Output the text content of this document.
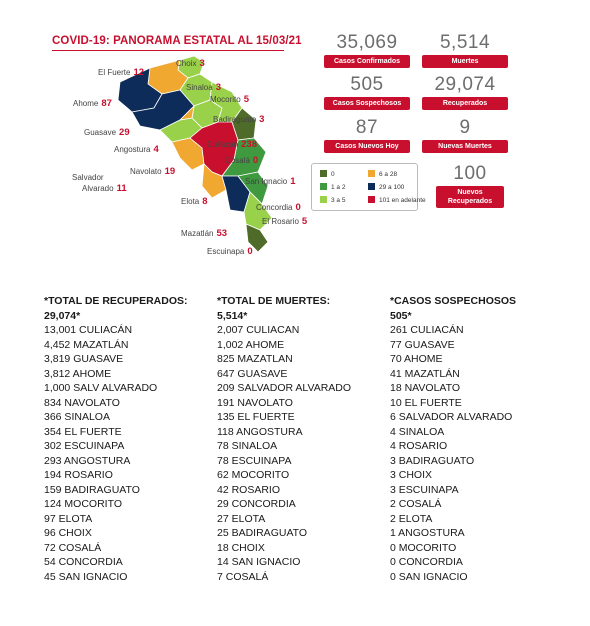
COVID-19: PANORAMA ESTATAL AL 15/03/21
Choix 3
El Fuerte 12
Sinaloa 3
Ahome 87	Mocorito 5
Badiraguato 3
Guasave 29
Culiacán 238
Angostura 4
Cosalá 0
Navolato 19
Salvador
Alvarado 11
San Ignacio 1
Elota 8
Concordia 0
El Rosario 5
Mazatlán 53
Escuinapa 0
35,069
Casos Confirmados
5,514
Muertes
505
Casos Sospechosos
29,074
Recuperados
87
Casos Nuevos Hoy
9
Nuevas Muertes
100
Nuevos Recuperados
0	6 a 28
1 a 2	29 a 100
3 a 5	101 en adelante
*TOTAL DE RECUPERADOS:
29,074*
13,001 CULIACÁN
4,452 MAZATLÁN
3,819 GUASAVE
3,812 AHOME
1,000 SALV ALVARADO
834 NAVOLATO
366 SINALOA
354 EL FUERTE
302 ESCUINAPA
293 ANGOSTURA
194 ROSARIO
159 BADIRAGUATO
124 MOCORITO
97 ELOTA
96 CHOIX
72 COSALÁ
54 CONCORDIA
45 SAN IGNACIO
*TOTAL DE MUERTES:
5,514*
2,007 CULIACAN
1,002 AHOME
825 MAZATLAN
647 GUASAVE
209 SALVADOR ALVARADO
191 NAVOLATO
135 EL FUERTE
118 ANGOSTURA
78 SINALOA
78 ESCUINAPA
62 MOCORITO
42 ROSARIO
29 CONCORDIA
27 ELOTA
25 BADIRAGUATO
18 CHOIX
14 SAN IGNACIO
7 COSALÁ
*CASOS SOSPECHOSOS
505*
261 CULIACÁN
77 GUASAVE
70 AHOME
41 MAZATLÁN
18 NAVOLATO
10 EL FUERTE
6 SALVADOR ALVARADO
4 SINALOA
4 ROSARIO
3 BADIRAGUATO
3 CHOIX
3 ESCUINAPA
2 COSALÁ
2 ELOTA
1 ANGOSTURA
0 MOCORITO
0 CONCORDIA
0 SAN IGNACIO
